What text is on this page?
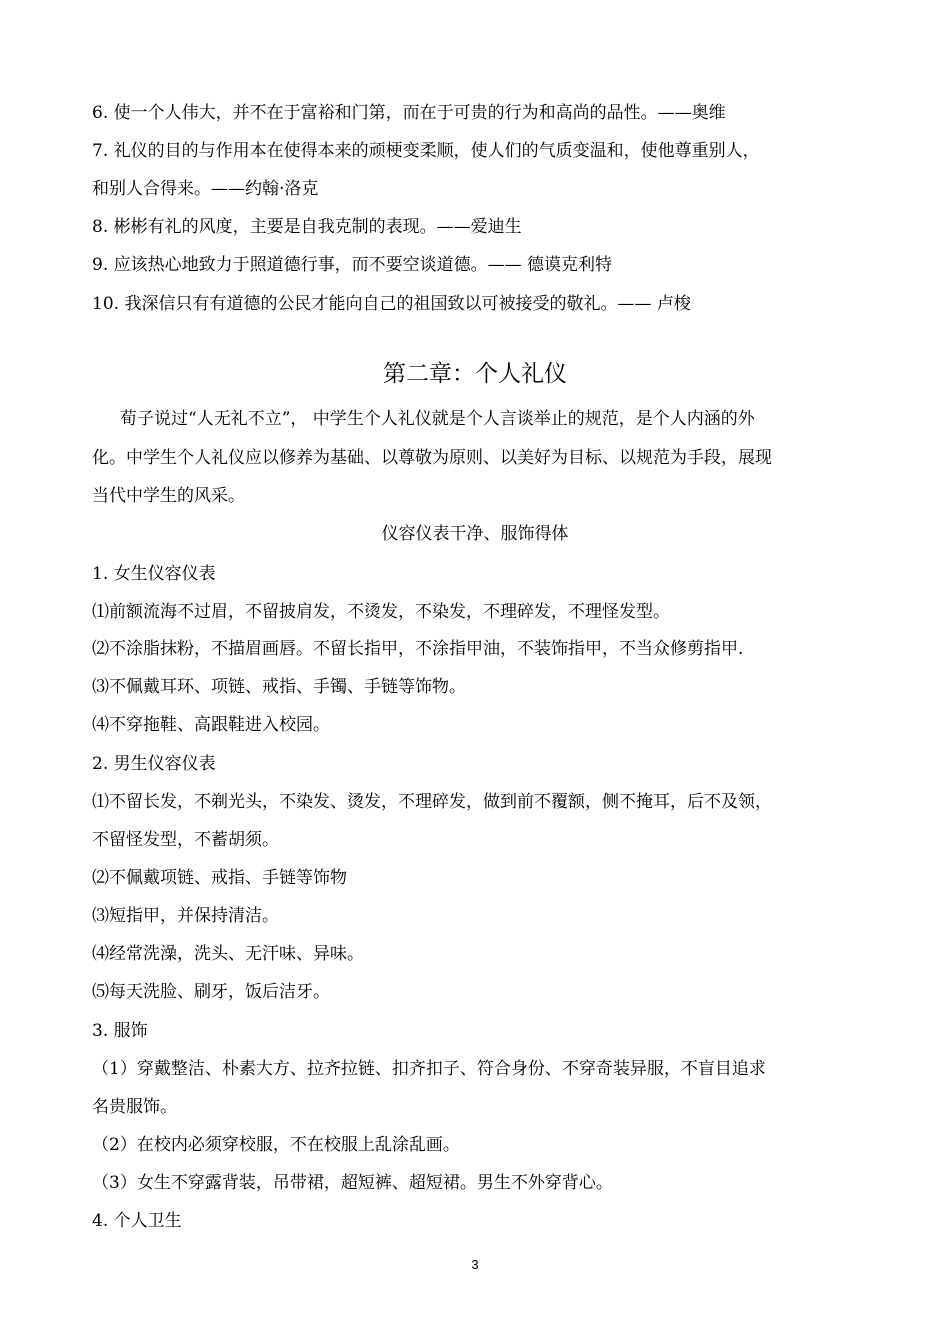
6. 使一个人伟大，并不在于富裕和门第，而在于可贵的行为和高尚的品性。——奥维
7. 礼仪的目的与作用本在使得本来的顽梗变柔顺，使人们的气质变温和，使他尊重别人，
和别人合得来。——约翰·洛克
8. 彬彬有礼的风度，主要是自我克制的表现。——爱迪生
9. 应该热心地致力于照道德行事，而不要空谈道德。—— 德谟克利特
10. 我深信只有有道德的公民才能向自己的祖国致以可被接受的敬礼。—— 卢梭
第二章：个人礼仪
荀子说过“人无礼不立”， 中学生个人礼仪就是个人言谈举止的规范，是个人内涵的外
化。中学生个人礼仪应以修养为基础、以尊敬为原则、以美好为目标、以规范为手段，展现
当代中学生的风采。
仪容仪表干净、服饰得体
1. 女生仪容仪表
⑴前额流海不过眉，不留披肩发，不烫发，不染发，不理碎发，不理怪发型。
⑵不涂脂抹粉，不描眉画唇。不留长指甲，不涂指甲油，不装饰指甲，不当众修剪指甲.
⑶不佩戴耳环、项链、戒指、手镯、手链等饰物。
⑷不穿拖鞋、高跟鞋进入校园。
2. 男生仪容仪表
⑴不留长发，不剃光头，不染发、烫发，不理碎发，做到前不覆额，侧不掩耳，后不及领，
不留怪发型，不蓄胡须。
⑵不佩戴项链、戒指、手链等饰物
⑶短指甲，并保持清洁。
⑷经常洗澡，洗头、无汗味、异味。
⑸每天洗脸、刷牙，饭后洁牙。
3. 服饰
（1）穿戴整洁、朴素大方、拉齐拉链、扣齐扣子、符合身份、不穿奇装异服，不盲目追求
名贵服饰。
（2）在校内必须穿校服，不在校服上乱涂乱画。
（3）女生不穿露背装，吊带裙，超短裤、超短裙。男生不外穿背心。
4. 个人卫生
3
